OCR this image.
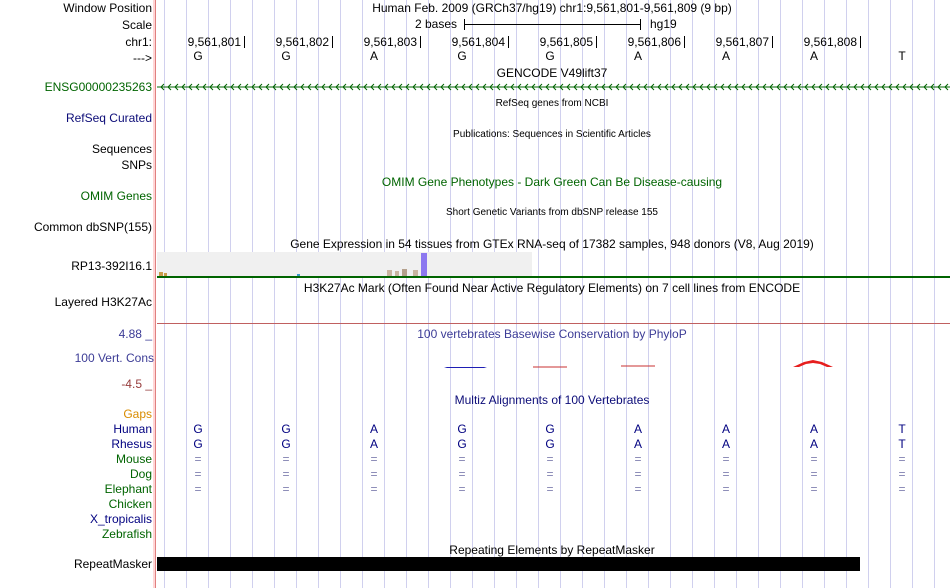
Window Position	Human Feb. 2009 (GRCh37/hg19) chr1:9,561,801-9,561,809 (9 bp)
Scale	2 bases	hg19
chr1:	9,561,801	9,561,802	9,561,803	9,561,804	9,561,805	9,561,806	9,561,807	9,561,808
--->	G	G	A	G	G	A	A	A	T
GENCODE V49lift37
ENSG00000235263
RefSeq genes from NCBI
RefSeq Curated
Publications: Sequences in Scientific Articles
Sequences
SNPs
OMIM Gene Phenotypes - Dark Green Can Be Disease-causing
OMIM Genes
Short Genetic Variants from dbSNP release 155
Common dbSNP(155)
Gene Expression in 54 tissues from GTEx RNA-seq of 17382 samples, 948 donors (V8, Aug 2019)
RP13-392I16.1
H3K27Ac Mark (Often Found Near Active Regulatory Elements) on 7 cell lines from ENCODE
Layered H3K27Ac
100 vertebrates Basewise Conservation by PhyloP
4.88 _
100 Vert. Cons
-4.5 _
Multiz Alignments of 100 Vertebrates
Gaps
Human	G	G	A	G	G	A	A	A	T
Rhesus	G	G	A	G	G	A	A	A	T
Mouse	=	=	=	=	=	=	=	=	=
Dog	=	=	=	=	=	=	=	=	=
Elephant	=	=	=	=	=	=	=	=	=
Chicken
X_tropicalis
Zebrafish
Repeating Elements by RepeatMasker
RepeatMasker
